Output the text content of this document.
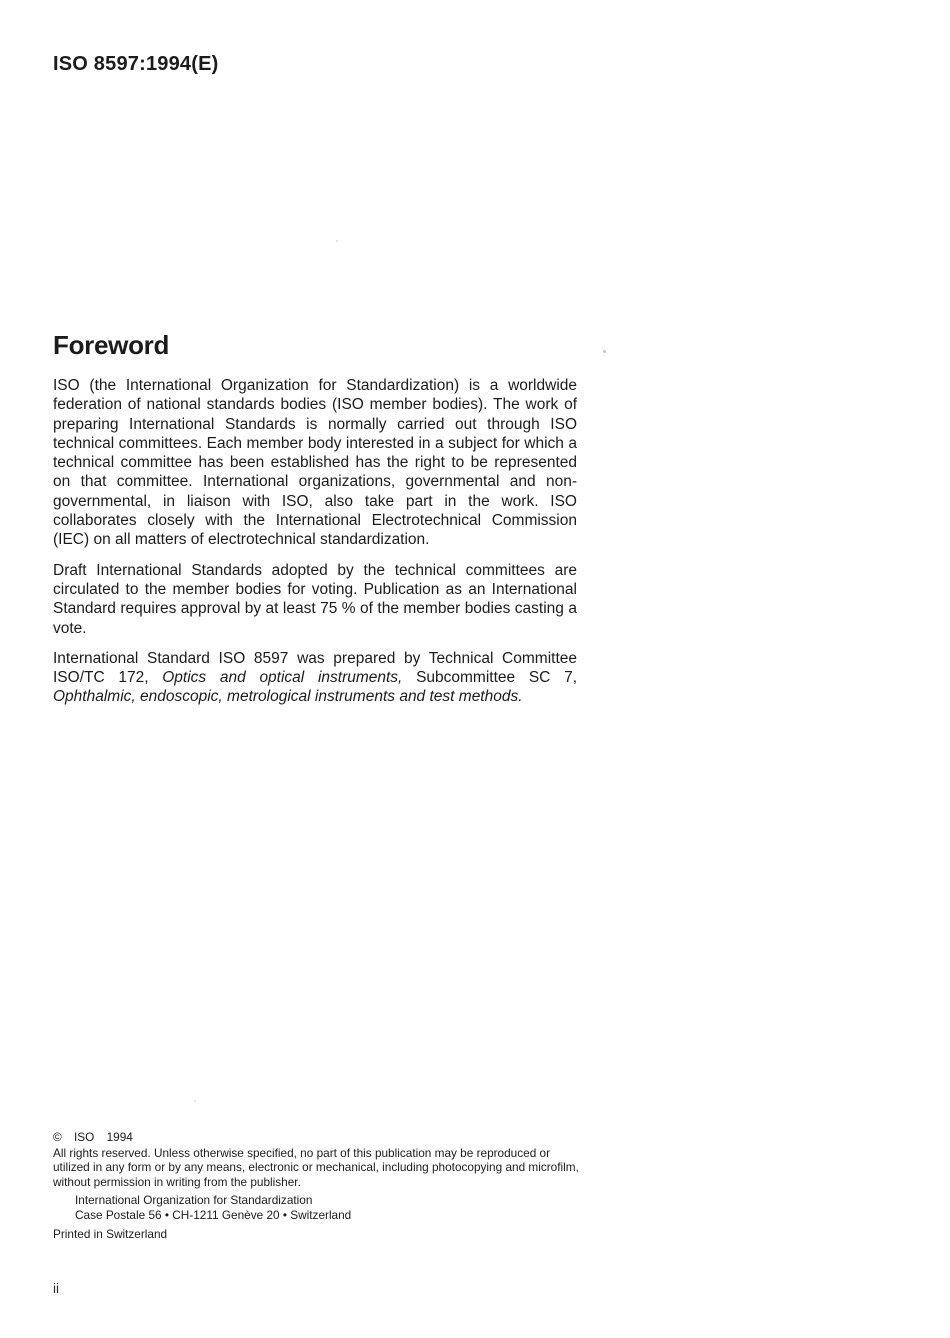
ISO 8597:1994(E)
Foreword

ISO (the International Organization for Standardization) is a worldwide federation of national standards bodies (ISO member bodies). The work of preparing International Standards is normally carried out through ISO technical committees. Each member body interested in a subject for which a technical committee has been established has the right to be represented on that committee. International organizations, governmental and non-governmental, in liaison with ISO, also take part in the work. ISO collaborates closely with the International Electrotechnical Commission (IEC) on all matters of electrotechnical standardization.

Draft International Standards adopted by the technical committees are circulated to the member bodies for voting. Publication as an International Standard requires approval by at least 75 % of the member bodies casting a vote.

International Standard ISO 8597 was prepared by Technical Committee ISO/TC 172, Optics and optical instruments, Subcommittee SC 7, Ophthalmic, endoscopic, metrological instruments and test methods.

© ISO 1994

All rights reserved. Unless otherwise specified, no part of this publication may be reproduced or utilized in any form or by any means, electronic or mechanical, including photocopying and microfilm, without permission in writing from the publisher.

International Organization for Standardization
Case Postale 56 • CH-1211 Genève 20 • Switzerland
Printed in Switzerland
ii
